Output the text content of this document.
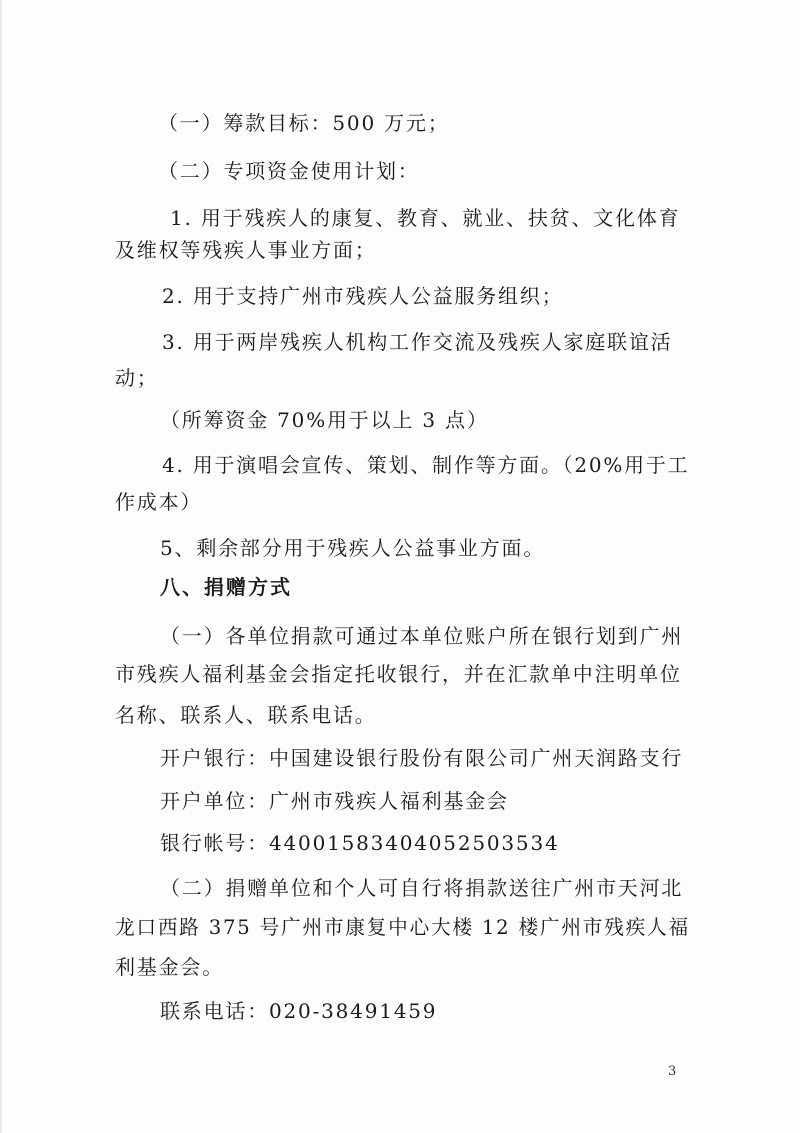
（一）筹款目标：500 万元；
（二）专项资金使用计划：
1. 用于残疾人的康复、教育、就业、扶贫、文化体育
及维权等残疾人事业方面；
2. 用于支持广州市残疾人公益服务组织；
3. 用于两岸残疾人机构工作交流及残疾人家庭联谊活
动；
（所筹资金 70%用于以上 3 点）
4. 用于演唱会宣传、策划、制作等方面。（20%用于工
作成本）
5、剩余部分用于残疾人公益事业方面。
八、捐赠方式
（一）各单位捐款可通过本单位账户所在银行划到广州
市残疾人福利基金会指定托收银行，并在汇款单中注明单位
名称、联系人、联系电话。
开户银行：中国建设银行股份有限公司广州天润路支行
开户单位：广州市残疾人福利基金会
银行帐号：44001583404052503534
（二）捐赠单位和个人可自行将捐款送往广州市天河北
龙口西路 375 号广州市康复中心大楼 12 楼广州市残疾人福
利基金会。
联系电话：020-38491459
3
